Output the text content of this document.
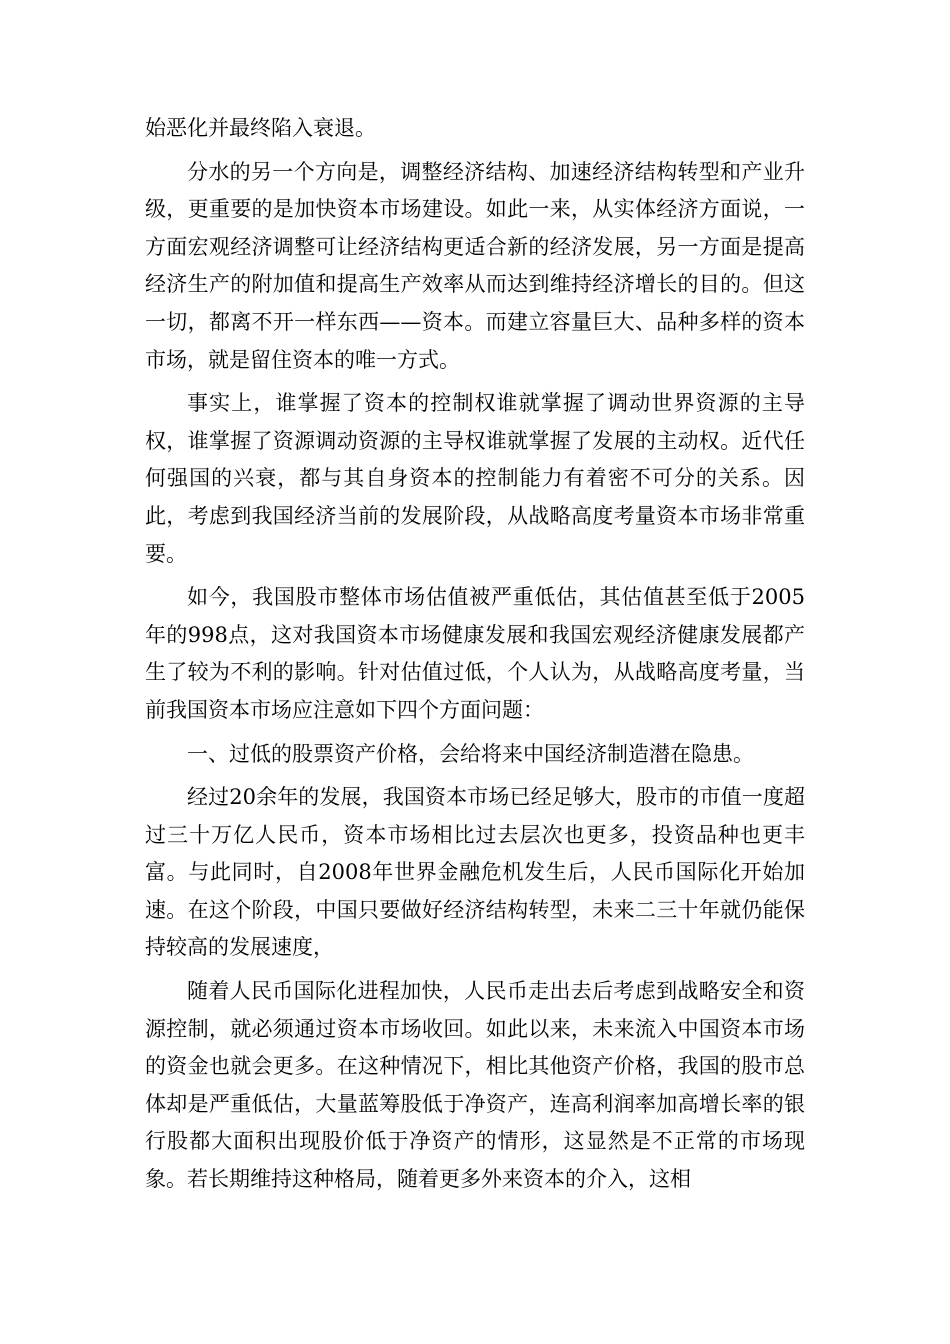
始恶化并最终陷入衰退。

分水的另一个方向是，调整经济结构、加速经济结构转型和产业升级，更重要的是加快资本市场建设。如此一来，从实体经济方面说，一方面宏观经济调整可让经济结构更适合新的经济发展，另一方面是提高经济生产的附加值和提高生产效率从而达到维持经济增长的目的。但这一切，都离不开一样东西——资本。而建立容量巨大、品种多样的资本市场，就是留住资本的唯一方式。

事实上，谁掌握了资本的控制权谁就掌握了调动世界资源的主导权，谁掌握了资源调动资源的主导权谁就掌握了发展的主动权。近代任何强国的兴衰，都与其自身资本的控制能力有着密不可分的关系。因此，考虑到我国经济当前的发展阶段，从战略高度考量资本市场非常重要。

如今，我国股市整体市场估值被严重低估，其估值甚至低于2005年的998点，这对我国资本市场健康发展和我国宏观经济健康发展都产生了较为不利的影响。针对估值过低，个人认为，从战略高度考量，当前我国资本市场应注意如下四个方面问题：

一、过低的股票资产价格，会给将来中国经济制造潜在隐患。

经过20余年的发展，我国资本市场已经足够大，股市的市值一度超过三十万亿人民币，资本市场相比过去层次也更多，投资品种也更丰富。与此同时，自2008年世界金融危机发生后，人民币国际化开始加速。在这个阶段，中国只要做好经济结构转型，未来二三十年就仍能保持较高的发展速度，

随着人民币国际化进程加快，人民币走出去后考虑到战略安全和资源控制，就必须通过资本市场收回。如此以来，未来流入中国资本市场的资金也就会更多。在这种情况下，相比其他资产价格，我国的股市总体却是严重低估，大量蓝筹股低于净资产，连高利润率加高增长率的银行股都大面积出现股价低于净资产的情形，这显然是不正常的市场现象。若长期维持这种格局，随着更多外来资本的介入，这相
